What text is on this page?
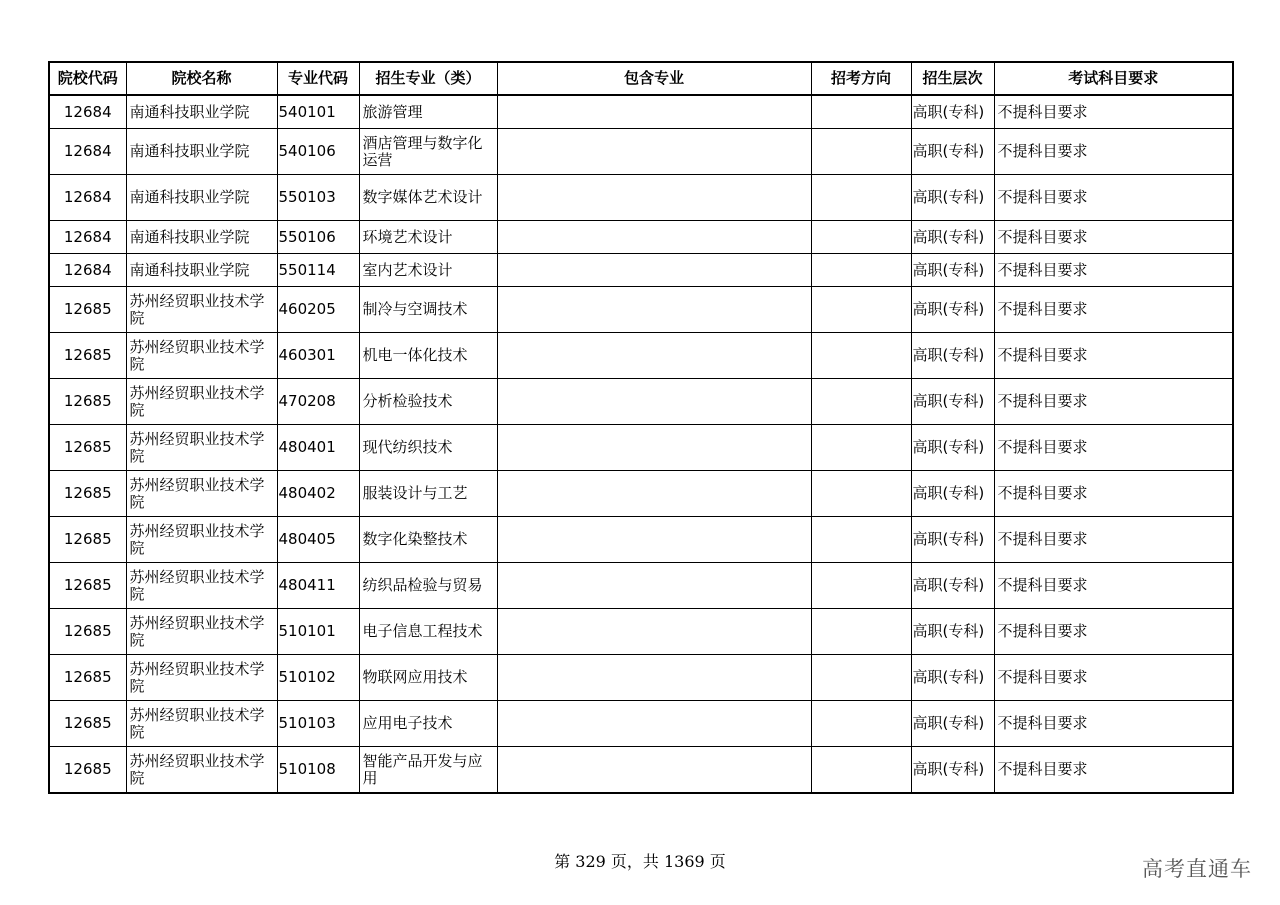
院校代码	院校名称	专业代码	招生专业（类）	包含专业	招考方向	招生层次	考试科目要求
12684	南通科技职业学院	540101	旅游管理			高职(专科)	不提科目要求
12684	南通科技职业学院	540106	酒店管理与数字化运营			高职(专科)	不提科目要求
12684	南通科技职业学院	550103	数字媒体艺术设计			高职(专科)	不提科目要求
12684	南通科技职业学院	550106	环境艺术设计			高职(专科)	不提科目要求
12684	南通科技职业学院	550114	室内艺术设计			高职(专科)	不提科目要求
12685	苏州经贸职业技术学院	460205	制冷与空调技术			高职(专科)	不提科目要求
12685	苏州经贸职业技术学院	460301	机电一体化技术			高职(专科)	不提科目要求
12685	苏州经贸职业技术学院	470208	分析检验技术			高职(专科)	不提科目要求
12685	苏州经贸职业技术学院	480401	现代纺织技术			高职(专科)	不提科目要求
12685	苏州经贸职业技术学院	480402	服装设计与工艺			高职(专科)	不提科目要求
12685	苏州经贸职业技术学院	480405	数字化染整技术			高职(专科)	不提科目要求
12685	苏州经贸职业技术学院	480411	纺织品检验与贸易			高职(专科)	不提科目要求
12685	苏州经贸职业技术学院	510101	电子信息工程技术			高职(专科)	不提科目要求
12685	苏州经贸职业技术学院	510102	物联网应用技术			高职(专科)	不提科目要求
12685	苏州经贸职业技术学院	510103	应用电子技术			高职(专科)	不提科目要求
12685	苏州经贸职业技术学院	510108	智能产品开发与应用			高职(专科)	不提科目要求
第 329 页，共 1369 页	高考直通车
